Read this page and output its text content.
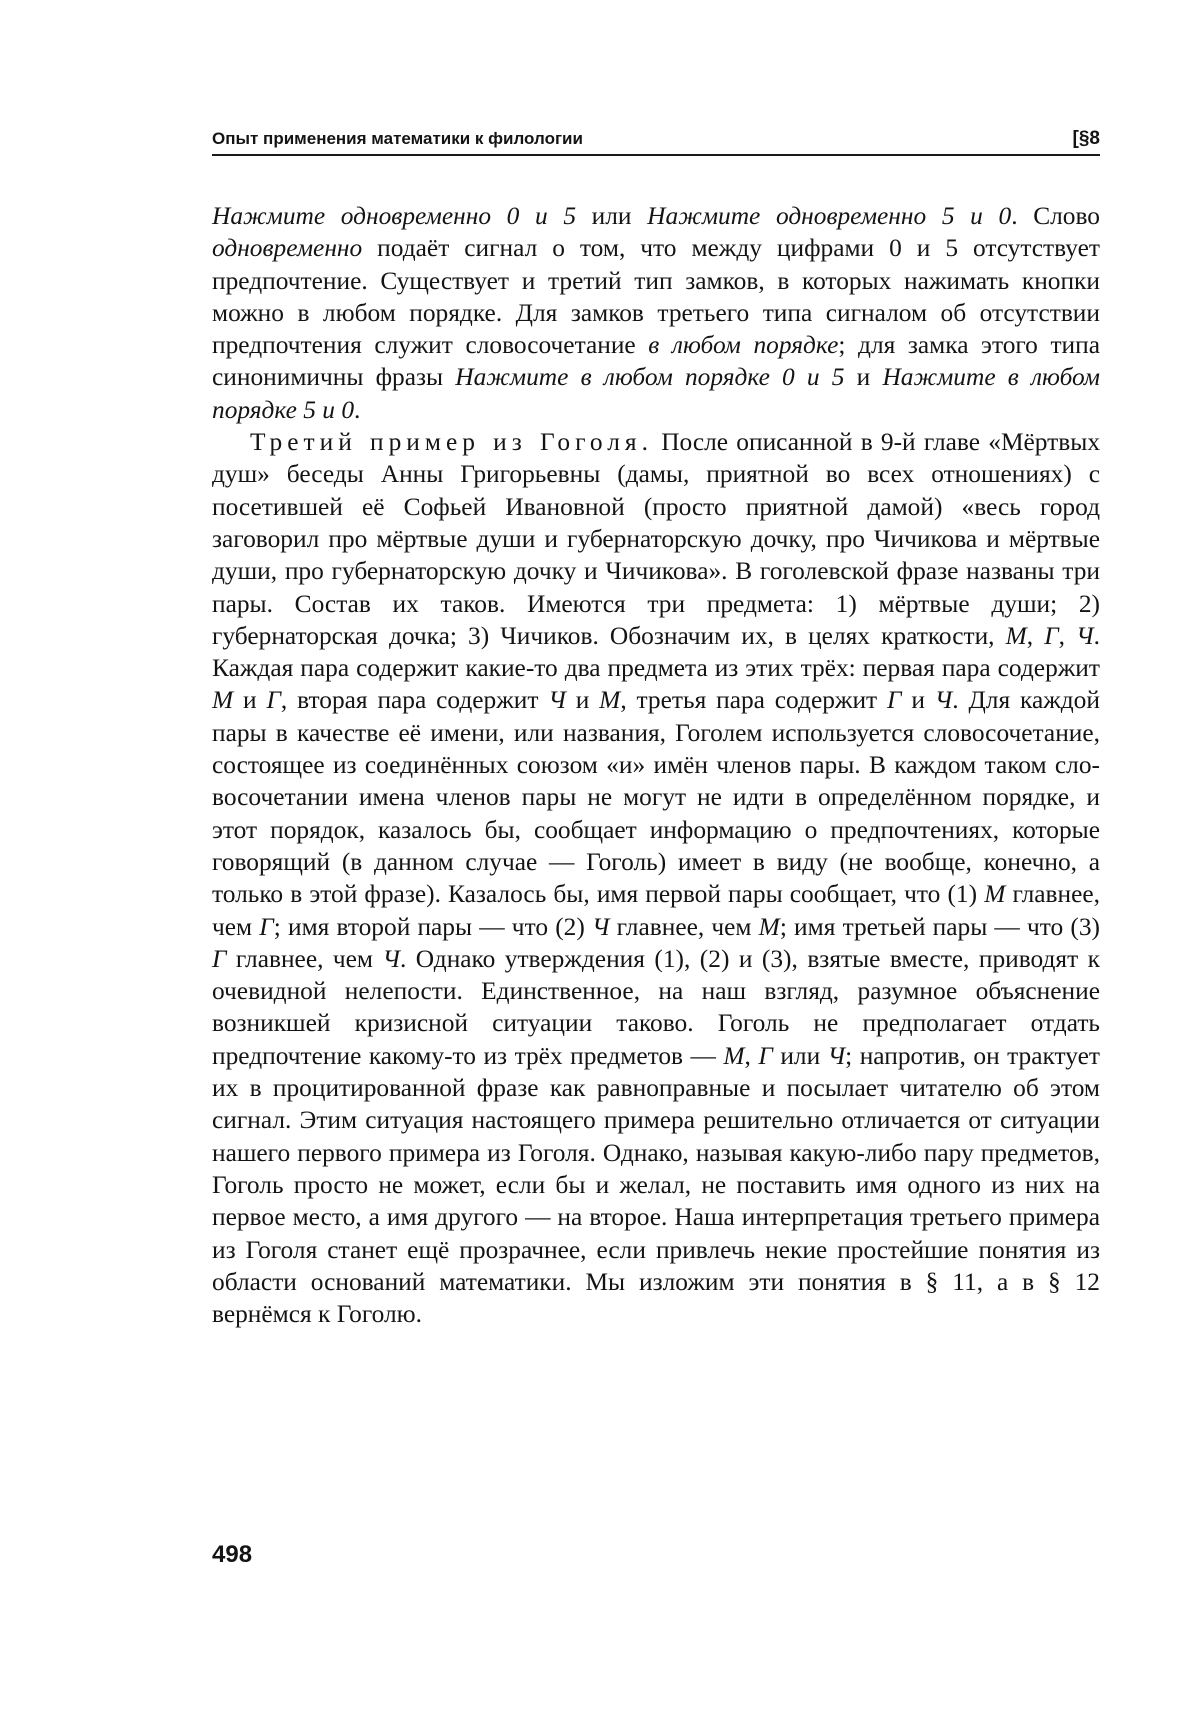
Опыт применения математики к филологии	[§8

Нажмите одновременно 0 и 5 или Нажмите одновременно 5 и 0. Слово одновременно подаёт сигнал о том, что между цифрами 0 и 5 отсутствует предпочтение. Существует и третий тип замков, в которых нажимать кнопки можно в любом порядке. Для замков третьего типа сигналом об отсутствии предпочтения служит словосочетание в любом порядке; для замка этого типа синонимичны фразы Нажмите в любом порядке 0 и 5 и Нажмите в любом порядке 5 и 0.

Третий пример из Гоголя. После описанной в 9-й главе «Мёртвых душ» беседы Анны Григорьевны (дамы, приятной во всех отношениях) с посетившей её Софьей Ивановной (просто приятной дамой) «весь город заговорил про мёртвые души и губернаторскую дочку, про Чичикова и мёртвые души, про губернаторскую дочку и Чичикова». В гоголевской фразе названы три пары. Состав их таков. Имеются три предмета: 1) мёртвые души; 2) губернаторская дочка; 3) Чичиков. Обозначим их, в целях краткости, М, Г, Ч. Каждая пара содержит какие-то два предмета из этих трёх: первая пара содержит М и Г, вторая пара содержит Ч и М, третья пара содержит Г и Ч. Для каждой пары в качестве её имени, или названия, Гоголем используется словосочетание, состоящее из соединённых союзом «и» имён членов пары. В каждом таком словосочетании имена членов пары не могут не идти в определённом порядке, и этот порядок, казалось бы, сообщает информацию о предпочтениях, которые говорящий (в данном случае — Гоголь) имеет в виду (не вообще, конечно, а только в этой фразе). Казалось бы, имя первой пары сообщает, что (1) М главнее, чем Г; имя второй пары — что (2) Ч главнее, чем М; имя третьей пары — что (3) Г главнее, чем Ч. Однако утверждения (1), (2) и (3), взятые вместе, приводят к очевидной нелепости. Единственное, на наш взгляд, разумное объяснение возникшей кризисной ситуации таково. Гоголь не предполагает отдать предпочтение какому-то из трёх предметов — М, Г или Ч; напротив, он трактует их в процитированной фразе как равноправные и посылает читателю об этом сигнал. Этим ситуация настоящего примера решительно отличается от ситуации нашего первого примера из Гоголя. Однако, называя какую-либо пару предметов, Гоголь просто не может, если бы и желал, не поставить имя одного из них на первое место, а имя другого — на второе. Наша интерпретация третьего примера из Гоголя станет ещё прозрачнее, если привлечь некие простейшие понятия из области оснований математики. Мы изложим эти понятия в § 11, а в § 12 вернёмся к Гоголю.

498
